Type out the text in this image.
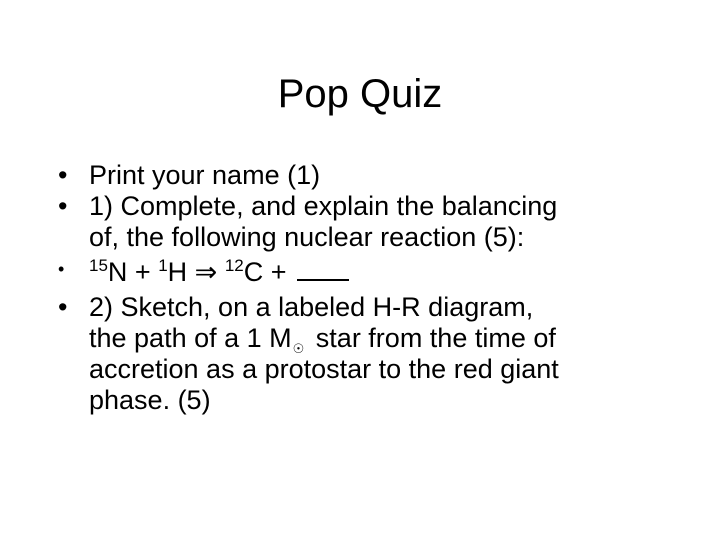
Pop Quiz
• Print your name (1)
• 1) Complete, and explain the balancing
of, the following nuclear reaction (5):
• $^{15}$N + $^1$H ⇒ $^{12}$C +
• 2) Sketch, on a labeled H-R diagram,
the path of a 1 M☉ star from the time of
accretion as a protostar to the red giant
phase. (5)
